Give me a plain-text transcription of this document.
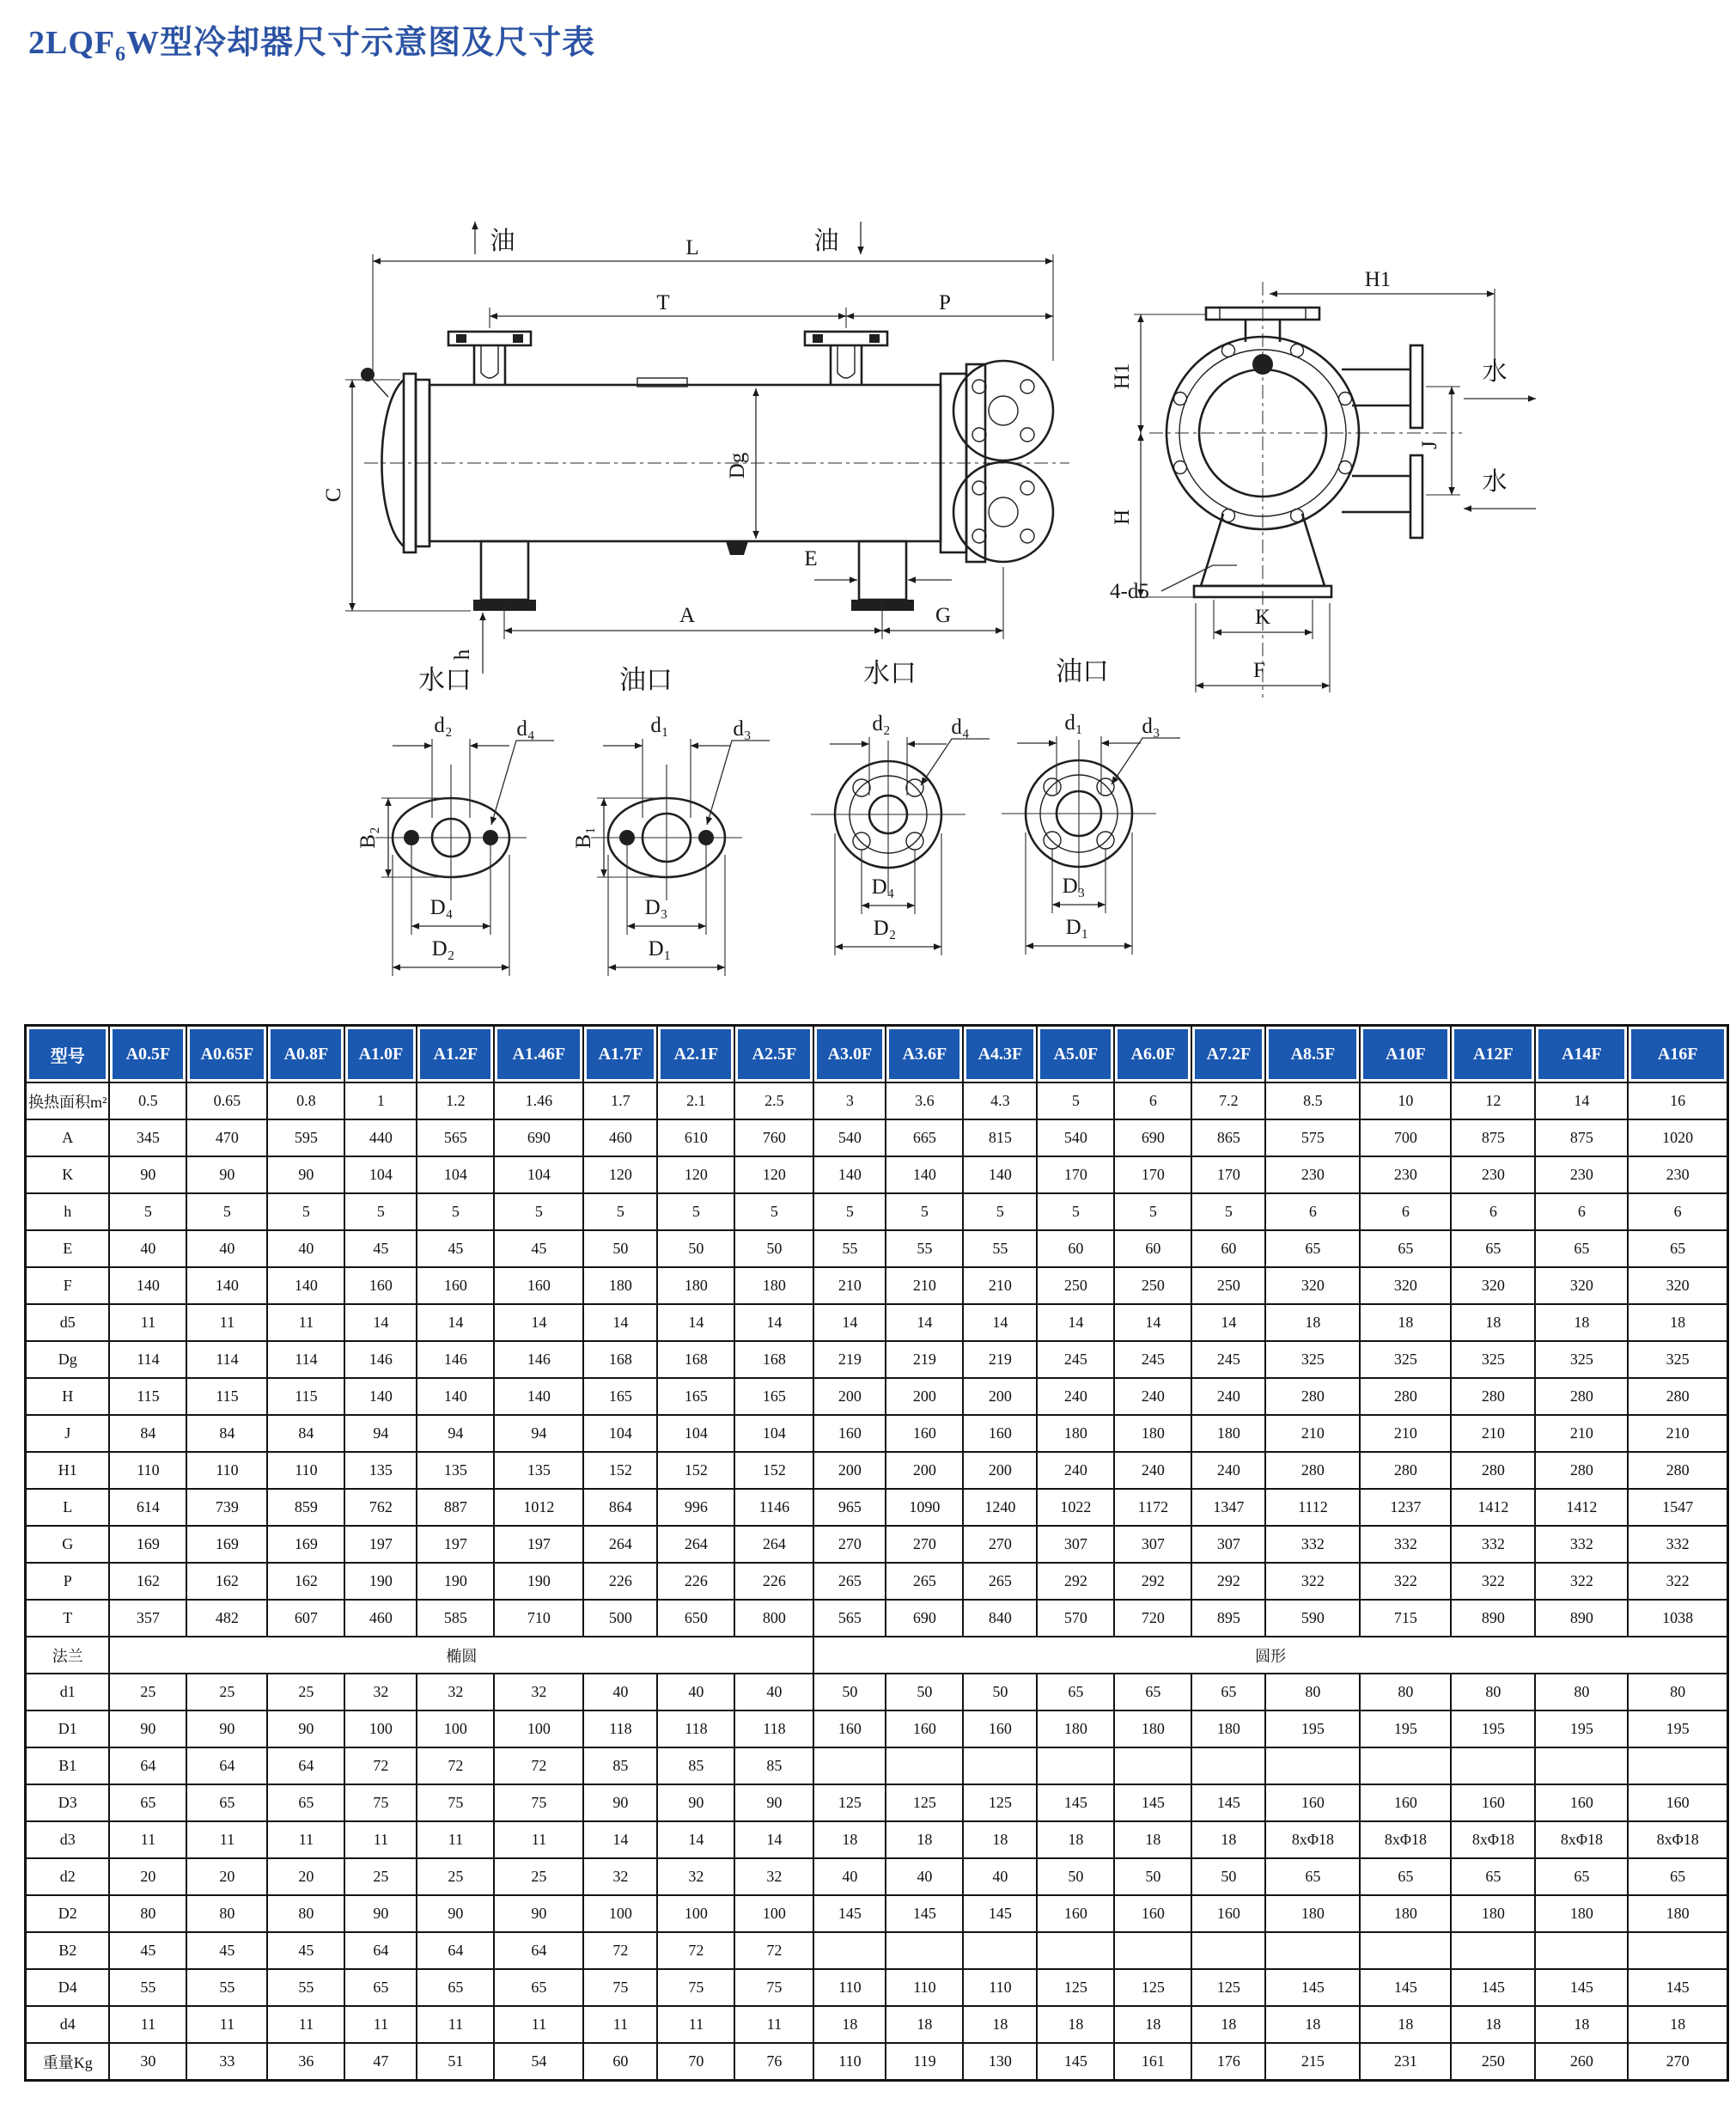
$2LQF_6W$型冷却器尺寸示意图及尺寸表
油	油
L
T	P
C
Dg
E
A	G
h
H1
H1
H
J
水
水
4-d5
K
F
水口
d₂	d₄
B₂
D₄
D₂
油口
d₁	d₃
B₁
D₃
D₁
水口
d₂	d₄
D₄
D₂
油口
d₁	d₃
D₃
D₁
型号	A0.5F	A0.65F	A0.8F	A1.0F	A1.2F	A1.46F	A1.7F	A2.1F	A2.5F	A3.0F	A3.6F	A4.3F	A5.0F	A6.0F	A7.2F	A8.5F	A10F	A12F	A14F	A16F

换热面积m²	0.5	0.65	0.8	1	1.2	1.46	1.7	2.1	2.5	3	3.6	4.3	5	6	7.2	8.5	10	12	14	16
A	345	470	595	440	565	690	460	610	760	540	665	815	540	690	865	575	700	875	875	1020
K	90	90	90	104	104	104	120	120	120	140	140	140	170	170	170	230	230	230	230	230
h	5	5	5	5	5	5	5	5	5	5	5	5	5	5	5	6	6	6	6	6
E	40	40	40	45	45	45	50	50	50	55	55	55	60	60	60	65	65	65	65	65
F	140	140	140	160	160	160	180	180	180	210	210	210	250	250	250	320	320	320	320	320
d5	11	11	11	14	14	14	14	14	14	14	14	14	14	14	14	18	18	18	18	18
Dg	114	114	114	146	146	146	168	168	168	219	219	219	245	245	245	325	325	325	325	325
H	115	115	115	140	140	140	165	165	165	200	200	200	240	240	240	280	280	280	280	280
J	84	84	84	94	94	94	104	104	104	160	160	160	180	180	180	210	210	210	210	210
H1	110	110	110	135	135	135	152	152	152	200	200	200	240	240	240	280	280	280	280	280
L	614	739	859	762	887	1012	864	996	1146	965	1090	1240	1022	1172	1347	1112	1237	1412	1412	1547
G	169	169	169	197	197	197	264	264	264	270	270	270	307	307	307	332	332	332	332	332
P	162	162	162	190	190	190	226	226	226	265	265	265	292	292	292	322	322	322	322	322
T	357	482	607	460	585	710	500	650	800	565	690	840	570	720	895	590	715	890	890	1038
法兰	椭圆									圆形										
d1	25	25	25	32	32	32	40	40	40	50	50	50	65	65	65	80	80	80	80	80
D1	90	90	90	100	100	100	118	118	118	160	160	160	180	180	180	195	195	195	195	195
B1	64	64	64	72	72	72	85	85	85											
D3	65	65	65	75	75	75	90	90	90	125	125	125	145	145	145	160	160	160	160	160
d3	11	11	11	11	11	11	14	14	14	18	18	18	18	18	18	8xΦ18	8xΦ18	8xΦ18	8xΦ18	8xΦ18
d2	20	20	20	25	25	25	32	32	32	40	40	40	50	50	50	65	65	65	65	65
D2	80	80	80	90	90	90	100	100	100	145	145	145	160	160	160	180	180	180	180	180
B2	45	45	45	64	64	64	72	72	72											
D4	55	55	55	65	65	65	75	75	75	110	110	110	125	125	125	145	145	145	145	145
d4	11	11	11	11	11	11	11	11	11	18	18	18	18	18	18	18	18	18	18	18
重量Kg	30	33	36	47	51	54	60	70	76	110	119	130	145	161	176	215	231	250	260	270
